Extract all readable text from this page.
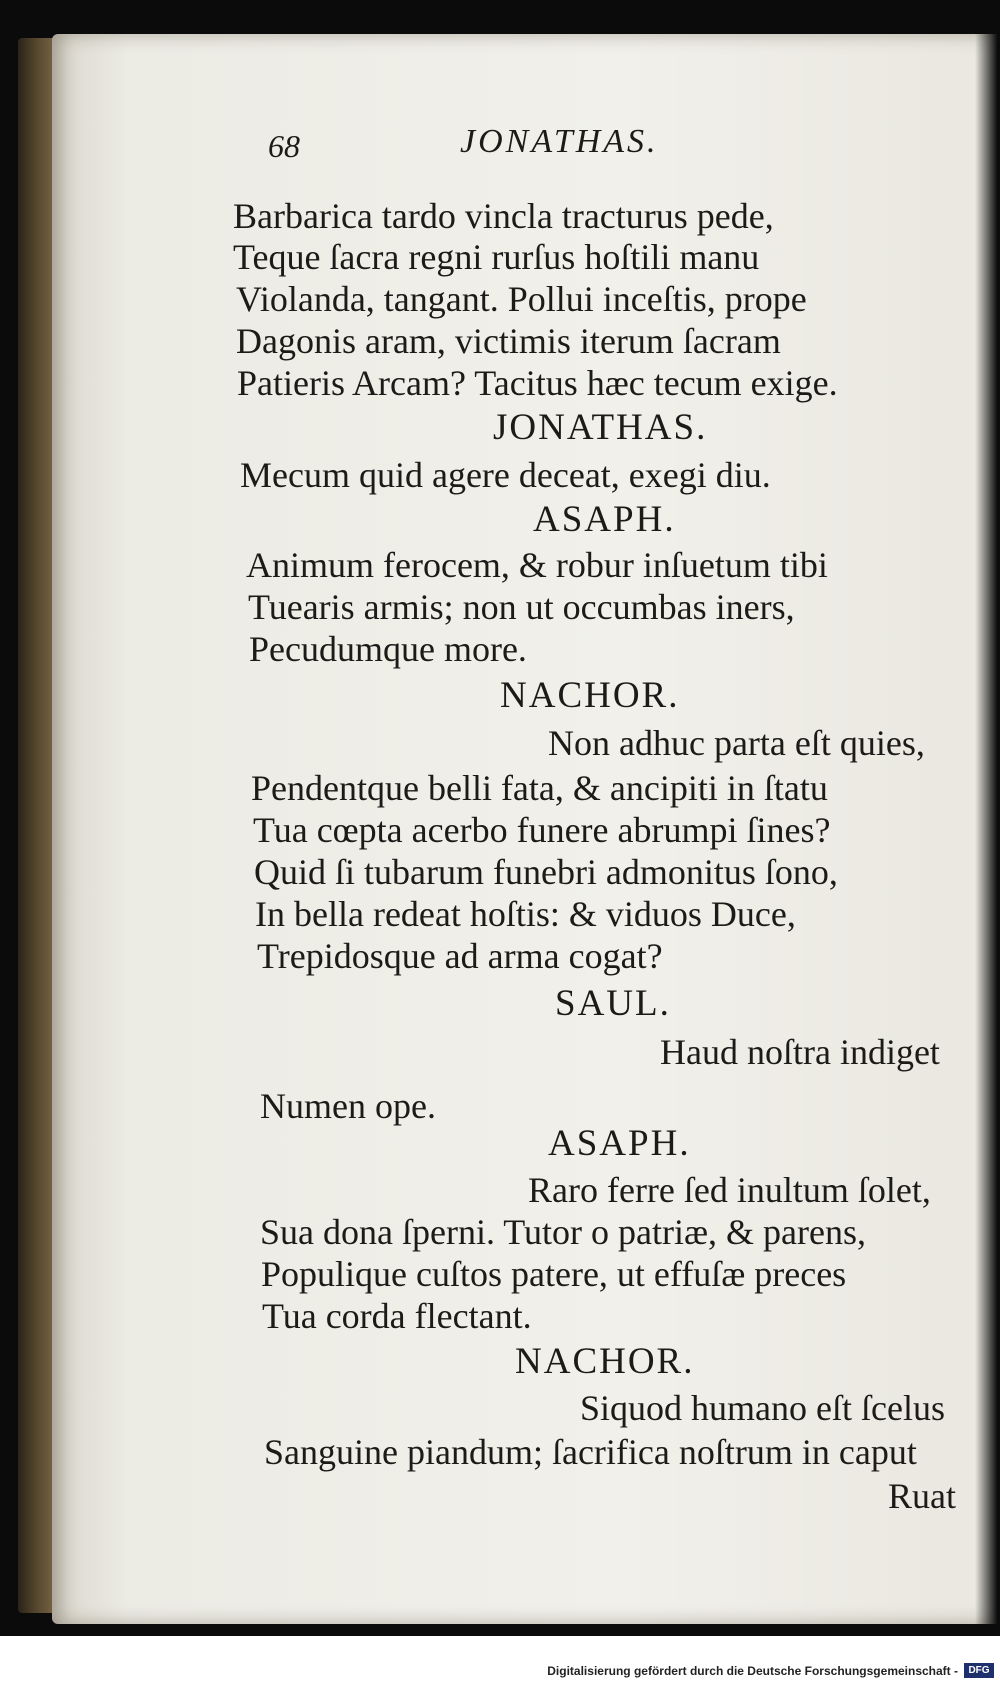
68	JONATHAS.
Barbarica tardo vincla tracturus pede,
Teque ſacra regni rurſus hoſtili manu
Violanda, tangant. Pollui inceſtis, prope
Dagonis aram, victimis iterum ſacram
Patieris Arcam? Tacitus hæc tecum exige.
JONATHAS.
Mecum quid agere deceat, exegi diu.
ASAPH.
Animum ferocem, & robur inſuetum tibi
Tuearis armis; non ut occumbas iners,
Pecudumque more.
NACHOR.
Non adhuc parta eſt quies,
Pendentque belli fata, & ancipiti in ſtatu
Tua cœpta acerbo funere abrumpi ſines?
Quid ſi tubarum funebri admonitus ſono,
In bella redeat hoſtis: & viduos Duce,
Trepidosque ad arma cogat?
SAUL.
Haud noſtra indiget
Numen ope.
ASAPH.
Raro ferre ſed inultum ſolet,
Sua dona ſperni. Tutor o patriæ, & parens,
Populique cuſtos patere, ut effuſæ preces
Tua corda flectant.
NACHOR.
Siquod humano eſt ſcelus
Sanguine piandum; ſacrifica noſtrum in caput
Ruat
Digitalisierung gefördert durch die Deutsche Forschungsgemeinschaft -	DFG
